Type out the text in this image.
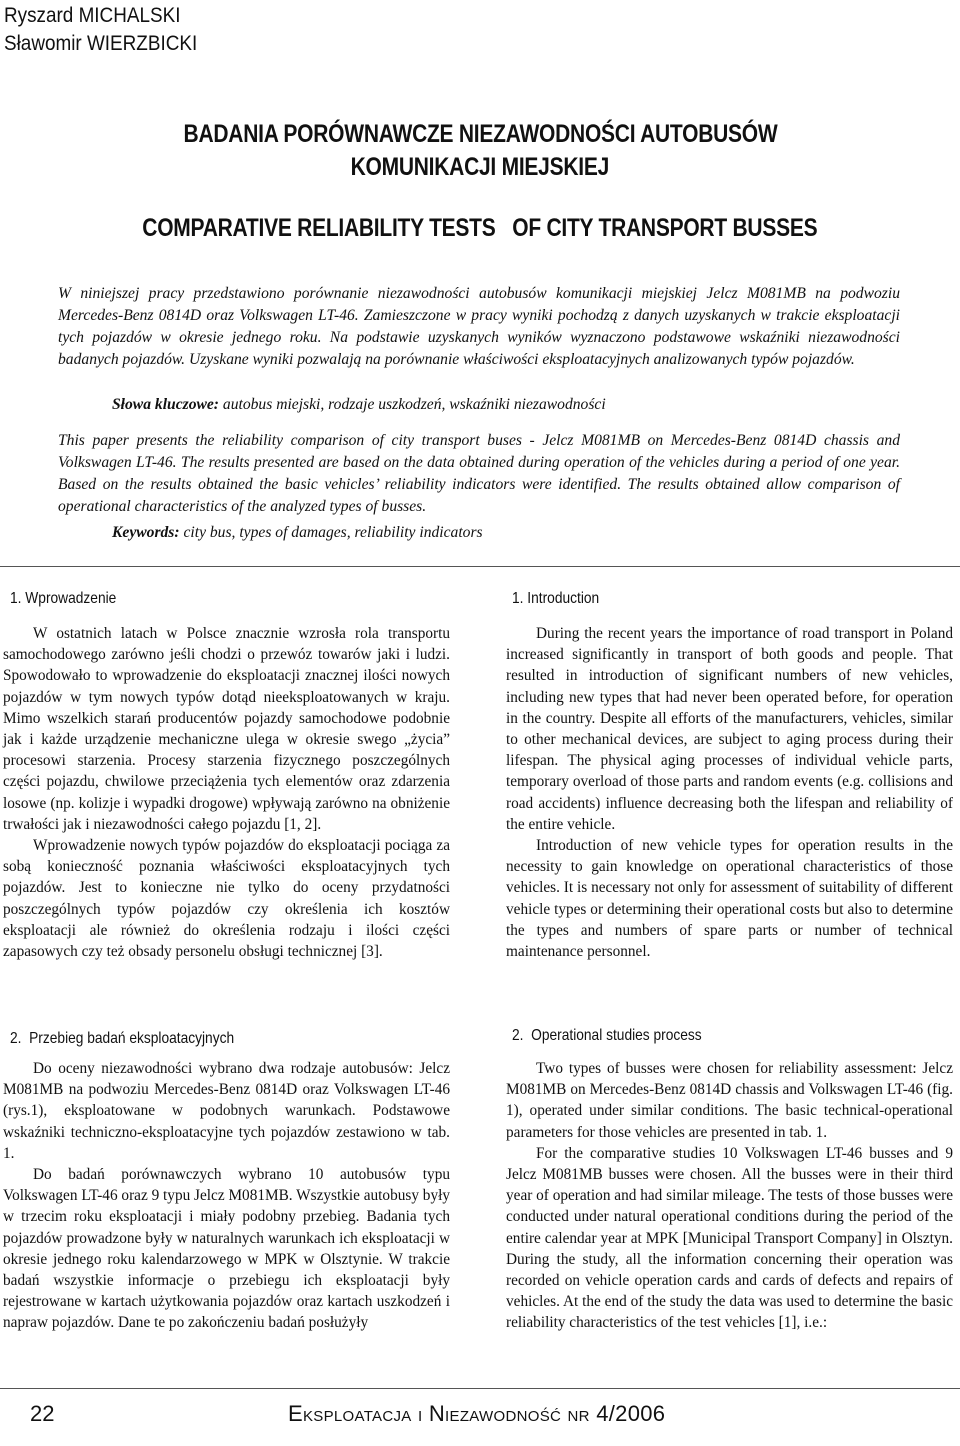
Ryszard MICHALSKI
Sławomir WIERZBICKI
BADANIA PORÓWNAWCZE NIEZAWODNOŚCI AUTOBUSÓW
KOMUNIKACJI MIEJSKIEJ
COMPARATIVE RELIABILITY TESTS   OF CITY TRANSPORT BUSSES

W niniejszej pracy przedstawiono porównanie niezawodności autobusów komunikacji miejskiej Jelcz M081MB na podwoziu Mercedes-Benz 0814D oraz Volkswagen LT-46. Zamieszczone w pracy wyniki pochodzą z danych uzyskanych w trakcie eksploatacji tych pojazdów w okresie jednego roku. Na podstawie uzyskanych wyników wyznaczono podstawowe wskaźniki niezawodności badanych pojazdów. Uzyskane wyniki pozwalają na porównanie właściwości eksploatacyjnych analizowanych typów pojazdów.

Słowa kluczowe: autobus miejski, rodzaje uszkodzeń, wskaźniki niezawodności

This paper presents the reliability comparison of city transport buses - Jelcz M081MB on Mercedes-Benz 0814D chassis and Volkswagen LT-46. The results presented are based on the data obtained during operation of the vehicles during a period of one year. Based on the results obtained the basic vehicles’ reliability indicators were identified. The results obtained allow comparison of operational characteristics of the analyzed types of busses.

Keywords: city bus, types of damages, reliability indicators

1. Wprowadzenie

W ostatnich latach w Polsce znacznie wzrosła rola transportu samochodowego zarówno jeśli chodzi o przewóz towarów jaki i ludzi. Spowodowało to wprowadzenie do eksploatacji znacznej ilości nowych pojazdów w tym nowych typów dotąd nieeksploatowanych w kraju. Mimo wszelkich starań producentów pojazdy samochodowe podobnie jak i każde urządzenie mechaniczne ulega w okresie swego „życia” procesowi starzenia. Procesy starzenia fizycznego poszczególnych części pojazdu, chwilowe przeciążenia tych elementów oraz zdarzenia losowe (np. kolizje i wypadki drogowe) wpływają zarówno na obniżenie trwałości jak i niezawodności całego pojazdu [1, 2].

Wprowadzenie nowych typów pojazdów do eksploatacji pociąga za sobą konieczność poznania właściwości eksploatacyjnych tych pojazdów. Jest to konieczne nie tylko do oceny przydatności poszczególnych typów pojazdów czy określenia ich kosztów eksploatacji ale również do określenia rodzaju i ilości części zapasowych czy też obsady personelu obsługi technicznej [3].

2.  Przebieg badań eksploatacyjnych

Do oceny niezawodności wybrano dwa rodzaje autobusów: Jelcz M081MB na podwoziu Mercedes-Benz 0814D oraz Volkswagen LT-46 (rys.1), eksploatowane w podobnych warunkach. Podstawowe wskaźniki techniczno-eksploatacyjne tych pojazdów zestawiono w tab. 1.

Do badań porównawczych wybrano 10 autobusów typu Volkswagen LT-46 oraz 9 typu Jelcz M081MB. Wszystkie autobusy były w trzecim roku eksploatacji i miały podobny przebieg. Badania tych pojazdów prowadzone były w naturalnych warunkach ich eksploatacji w okresie jednego roku kalendarzowego w MPK w Olsztynie. W trakcie badań wszystkie informacje o przebiegu ich eksploatacji były rejestrowane w kartach użytkowania pojazdów oraz kartach uszkodzeń i napraw pojazdów. Dane te po zakończeniu badań posłużyły

1. Introduction

During the recent years the importance of road transport in Poland increased significantly in transport of both goods and people. That resulted in introduction of significant numbers of new vehicles, including new types that had never been operated before, for operation in the country. Despite all efforts of the manufacturers, vehicles, similar to other mechanical devices, are subject to aging process during their lifespan. The physical aging processes of individual vehicle parts, temporary overload of those parts and random events (e.g. collisions and road accidents) influence decreasing both the lifespan and reliability of the entire vehicle.

Introduction of new vehicle types for operation results in the necessity to gain knowledge on operational characteristics of those vehicles. It is necessary not only for assessment of suitability of different vehicle types or determining their operational costs but also to determine the types and numbers of spare parts or number of technical maintenance personnel.

2.  Operational studies process

Two types of busses were chosen for reliability assessment: Jelcz M081MB on Mercedes-Benz 0814D chassis and Volkswagen LT-46 (fig. 1), operated under similar conditions. The basic technical-operational parameters for those vehicles are presented in tab. 1.

For the comparative studies 10 Volkswagen LT-46 busses and 9 Jelcz M081MB busses were chosen. All the busses were in their third year of operation and had similar mileage. The tests of those busses were conducted under natural operational conditions during the period of the entire calendar year at MPK [Municipal Transport Company] in Olsztyn. During the study, all the information concerning their operation was recorded on vehicle operation cards and cards of defects and repairs of vehicles. At the end of the study the data was used to determine the basic reliability characteristics of the test vehicles [1], i.e.:

22	Eksploatacja i Niezawodność nr 4/2006
